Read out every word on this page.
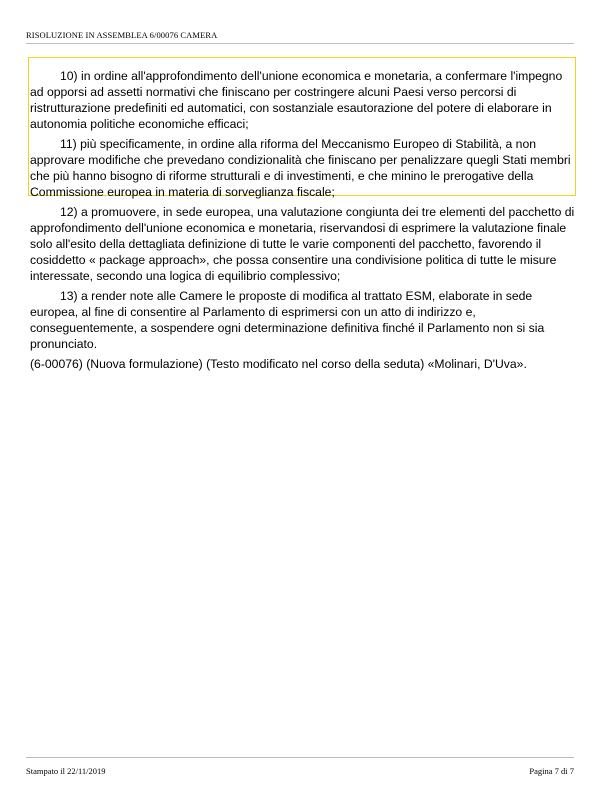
RISOLUZIONE IN ASSEMBLEA 6/00076 CAMERA

10) in ordine all'approfondimento dell'unione economica e monetaria, a confermare l'impegno ad opporsi ad assetti normativi che finiscano per costringere alcuni Paesi verso percorsi di ristrutturazione predefiniti ed automatici, con sostanziale esautorazione del potere di elaborare in autonomia politiche economiche efficaci;

11) più specificamente, in ordine alla riforma del Meccanismo Europeo di Stabilità, a non approvare modifiche che prevedano condizionalità che finiscano per penalizzare quegli Stati membri che più hanno bisogno di riforme strutturali e di investimenti, e che minino le prerogative della Commissione europea in materia di sorveglianza fiscale;

12) a promuovere, in sede europea, una valutazione congiunta dei tre elementi del pacchetto di approfondimento dell'unione economica e monetaria, riservandosi di esprimere la valutazione finale solo all'esito della dettagliata definizione di tutte le varie componenti del pacchetto, favorendo il cosiddetto « package approach», che possa consentire una condivisione politica di tutte le misure interessate, secondo una logica di equilibrio complessivo;

13) a render note alle Camere le proposte di modifica al trattato ESM, elaborate in sede europea, al fine di consentire al Parlamento di esprimersi con un atto di indirizzo e, conseguentemente, a sospendere ogni determinazione definitiva finché il Parlamento non si sia pronunciato.

(6-00076) (Nuova formulazione) (Testo modificato nel corso della seduta) «Molinari, D'Uva».

Stampato il 22/11/2019	Pagina 7 di 7
